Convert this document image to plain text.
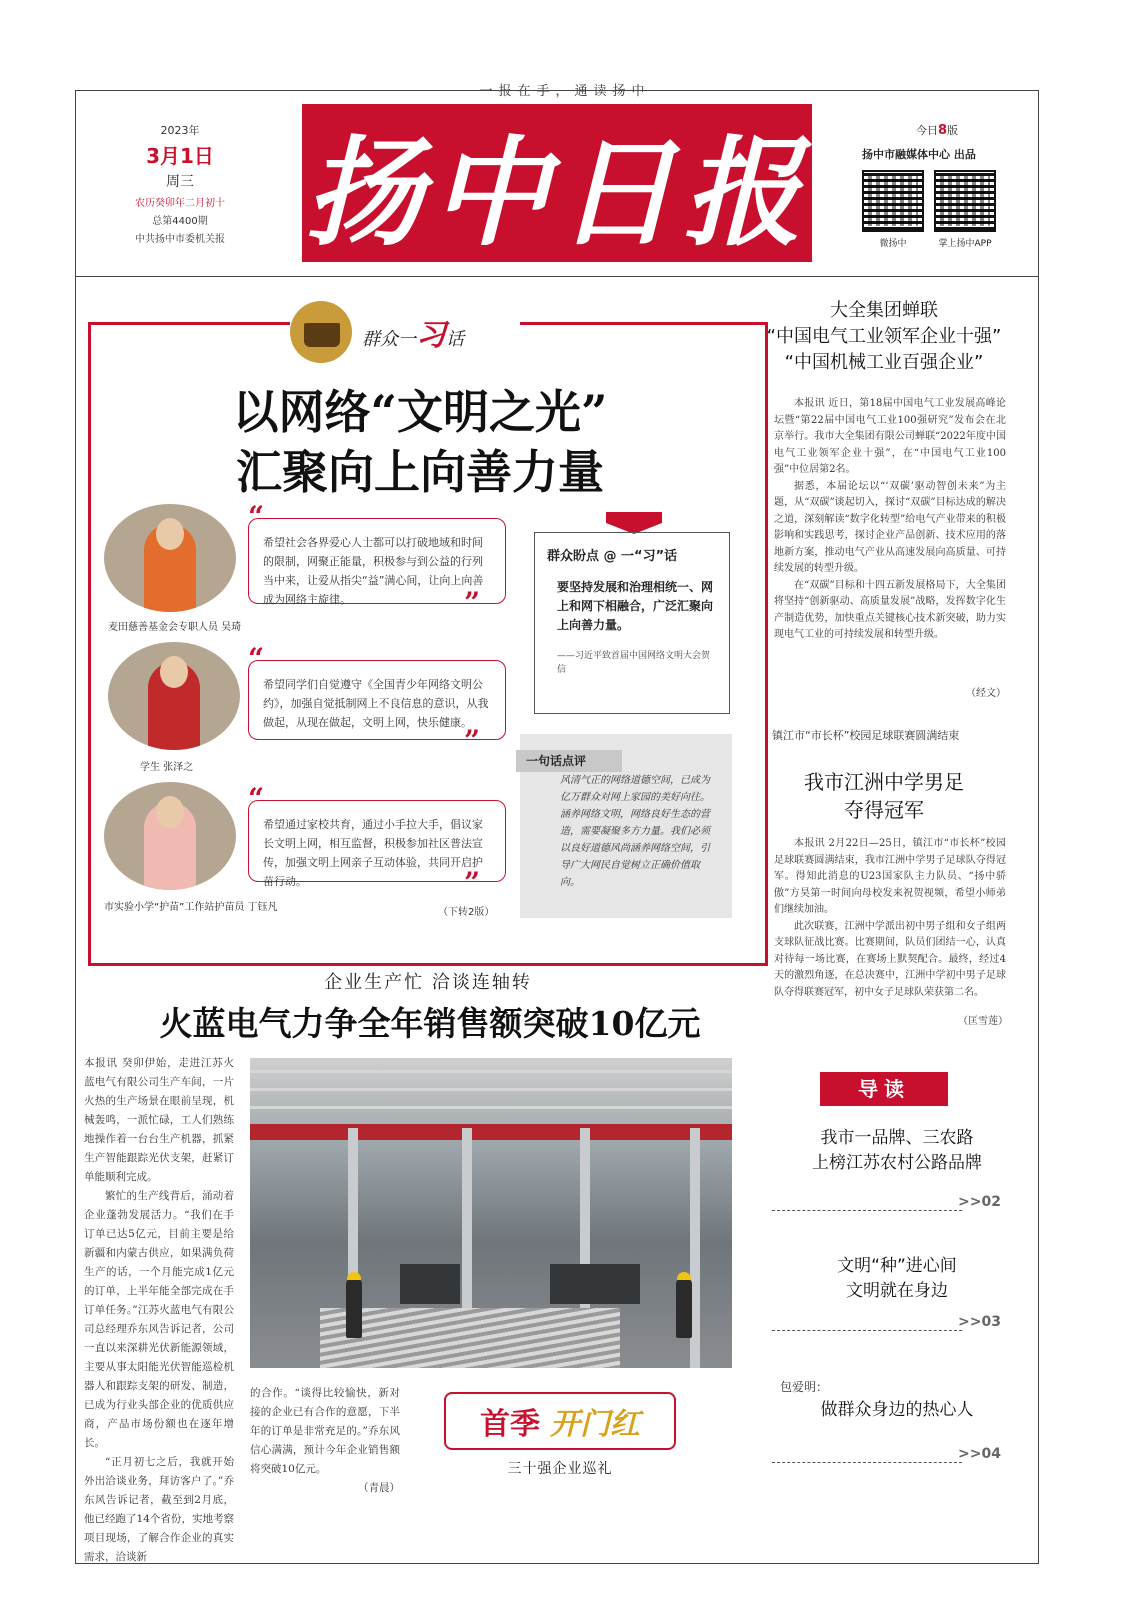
一报在手，通读扬中
2023年
3月1日
周三
农历癸卯年二月初十
总第4400期
中共扬中市委机关报 扬中日报	今日8版
扬中市融媒体中心 出品
微扬中	掌上扬中APP
群众一习话
以网络“文明之光”
汇聚向上向善力量
希望社会各界爱心人士都可以打破地域和时间的限制，网聚正能量，积极参与到公益的行列当中来，让爱从指尖“益”满心间，让向上向善成为网络主旋律。
“
”
麦田慈善基金会专职人员 吴琦
希望同学们自觉遵守《全国青少年网络文明公约》，加强自觉抵制网上不良信息的意识，从我做起，从现在做起，文明上网，快乐健康。
“
”
学生 张泽之
希望通过家校共育，通过小手拉大手，倡议家长文明上网，相互监督，积极参加社区普法宣传，加强文明上网亲子互动体验，共同开启护苗行动。
“
”
市实验小学“护苗”工作站护苗员 丁钰凡
群众盼点 @ 一“习”话
要坚持发展和治理相统一、网上和网下相融合，广泛汇聚向上向善力量。
——习近平致首届中国网络文明大会贺信
风清气正的网络道德空间，已成为亿万群众对网上家园的美好向往。涵养网络文明，网络良好生态的营造，需要凝聚多方力量。我们必须以良好道德风尚涵养网络空间，引导广大网民自觉树立正确价值取向。
一句话点评
（下转2版）
企业生产忙 洽谈连轴转
火蓝电气力争全年销售额突破10亿元

本报讯 癸卯伊始，走进江苏火蓝电气有限公司生产车间，一片火热的生产场景在眼前呈现，机械轰鸣，一派忙碌，工人们熟练地操作着一台台生产机器，抓紧生产智能跟踪光伏支架，赶紧订单能顺利完成。

繁忙的生产线背后，涌动着企业蓬勃发展活力。“我们在手订单已达5亿元，目前主要是给新疆和内蒙古供应，如果满负荷生产的话，一个月能完成1亿元的订单，上半年能全部完成在手订单任务。”江苏火蓝电气有限公司总经理乔东风告诉记者，公司一直以来深耕光伏新能源领域，主要从事太阳能光伏智能巡检机器人和跟踪支架的研发、制造，已成为行业头部企业的优质供应商，产品市场份额也在逐年增长。

“正月初七之后，我就开始外出洽谈业务，拜访客户了。”乔东风告诉记者，截至到2月底，他已经跑了14个省份，实地考察项目现场，了解合作企业的真实需求，洽谈新

的合作。“谈得比较愉快，新对接的企业已有合作的意愿，下半年的订单是非常充足的。”乔东风信心满满，预计今年企业销售额将突破10亿元。

（青晨）

首季 开门红
三十强企业巡礼
大全集团蝉联
“中国电气工业领军企业十强”
“中国机械工业百强企业”

本报讯 近日，第18届中国电气工业发展高峰论坛暨“第22届中国电气工业100强研究”发布会在北京举行。我市大全集团有限公司蝉联“2022年度中国电气工业领军企业十强”，在“中国电气工业100强”中位居第2名。

据悉，本届论坛以“‘双碳’驱动智创未来”为主题，从“双碳”谈起切入，探讨“双碳”目标达成的解决之道，深刻解读“数字化转型”给电气产业带来的积极影响和实践思考，探讨企业产品创新、技术应用的落地新方案，推动电气产业从高速发展向高质量、可持续发展的转型升级。

在“双碳”目标和十四五新发展格局下，大全集团将坚持“创新驱动、高质量发展”战略，发挥数字化生产制造优势，加快重点关键核心技术新突破，助力实现电气工业的可持续发展和转型升级。

（经文）
镇江市“市长杯”校园足球联赛圆满结束
我市江洲中学男足
夺得冠军

本报讯 2月22日—25日，镇江市“市长杯”校园足球联赛圆满结束，我市江洲中学男子足球队夺得冠军。得知此消息的U23国家队主力队员、“扬中骄傲”方昊第一时间向母校发来祝贺视频，希望小师弟们继续加油。

此次联赛，江洲中学派出初中男子组和女子组两支球队征战比赛。比赛期间，队员们团结一心，认真对待每一场比赛，在赛场上默契配合。最终，经过4天的激烈角逐，在总决赛中，江洲中学初中男子足球队夺得联赛冠军，初中女子足球队荣获第二名。

（匡雪莲）
导读
我市一品牌、三农路
上榜江苏农村公路品牌
>>02
文明“种”进心间
文明就在身边
>>03
包爱明：
做群众身边的热心人
>>04
